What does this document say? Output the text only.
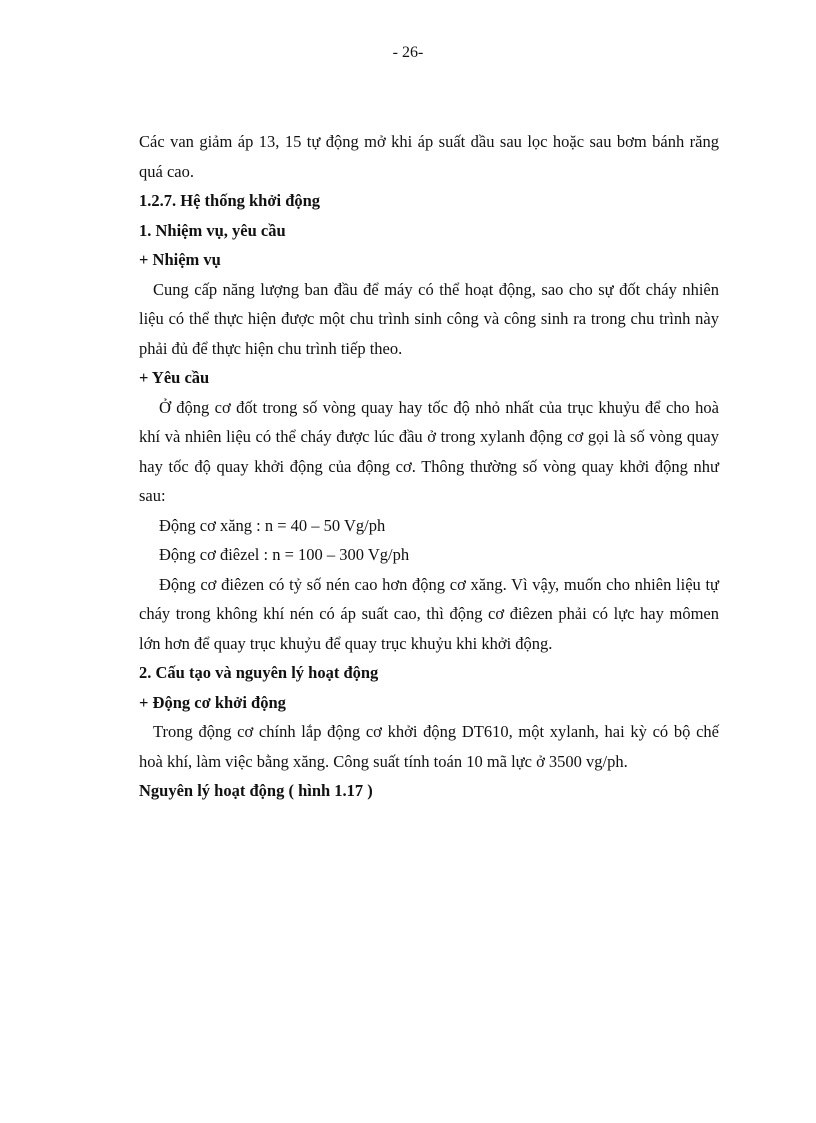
- 26-

Các van giảm áp 13, 15 tự động mở khi áp suất dầu sau lọc hoặc sau bơm bánh răng quá cao.

1.2.7. Hệ thống khởi động

1. Nhiệm vụ, yêu cầu

+ Nhiệm vụ

Cung cấp năng lượng ban đầu để máy có thể hoạt động, sao cho sự đốt cháy nhiên liệu có thể thực hiện được một chu trình sinh công và công sinh ra trong chu trình này phải đủ để thực hiện chu trình tiếp theo.

+ Yêu cầu

Ở động cơ đốt trong số vòng quay hay tốc độ nhỏ nhất của trục khuỷu để cho hoà khí và nhiên liệu có thể cháy được lúc đầu ở trong xylanh động cơ gọi là số vòng quay hay tốc độ quay khởi động của động cơ. Thông thường số vòng quay khởi động như sau:

Động cơ xăng : n = 40 – 50 Vg/ph

Động cơ điêzel : n = 100 – 300 Vg/ph

Động cơ điêzen có tỷ số nén cao hơn động cơ xăng. Vì vậy, muốn cho nhiên liệu tự cháy trong không khí nén có áp suất cao, thì động cơ điêzen phải có lực hay mômen lớn hơn để quay trục khuỷu để quay trục khuỷu khi khởi động.

2. Cấu tạo và nguyên lý hoạt động

+ Động cơ khởi động

Trong động cơ chính lắp động cơ khởi động DT610, một xylanh, hai kỳ có bộ chế hoà khí, làm việc bằng xăng. Công suất tính toán 10 mã lực ở 3500 vg/ph.

Nguyên lý hoạt động ( hình 1.17 )
